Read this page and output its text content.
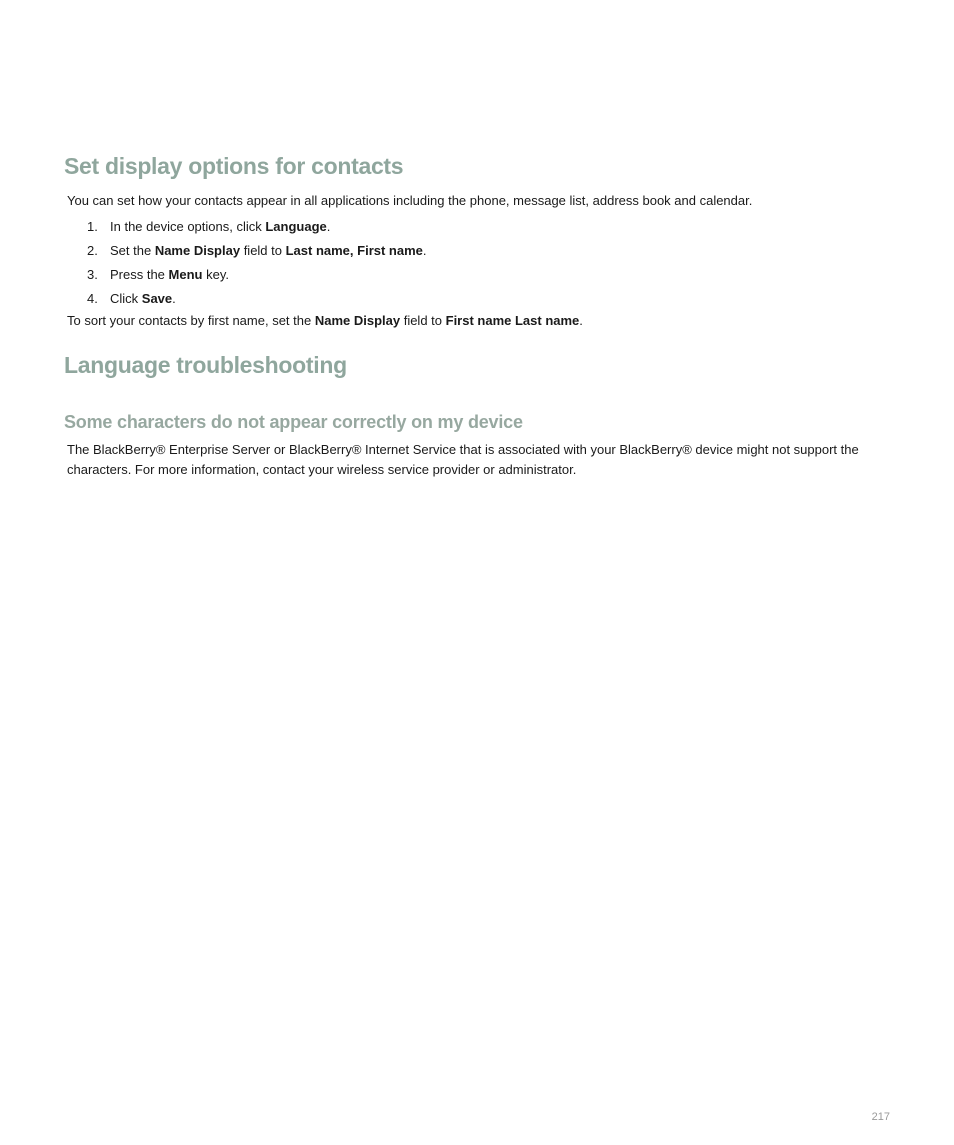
Set display options for contacts

You can set how your contacts appear in all applications including the phone, message list, address book and calendar.

1. In the device options, click Language.
2. Set the Name Display field to Last name, First name.
3. Press the Menu key.
4. Click Save.

To sort your contacts by first name, set the Name Display field to First name Last name.

Language troubleshooting
Some characters do not appear correctly on my device

The BlackBerry® Enterprise Server or BlackBerry® Internet Service that is associated with your BlackBerry® device might not support the characters. For more information, contact your wireless service provider or administrator.

217
